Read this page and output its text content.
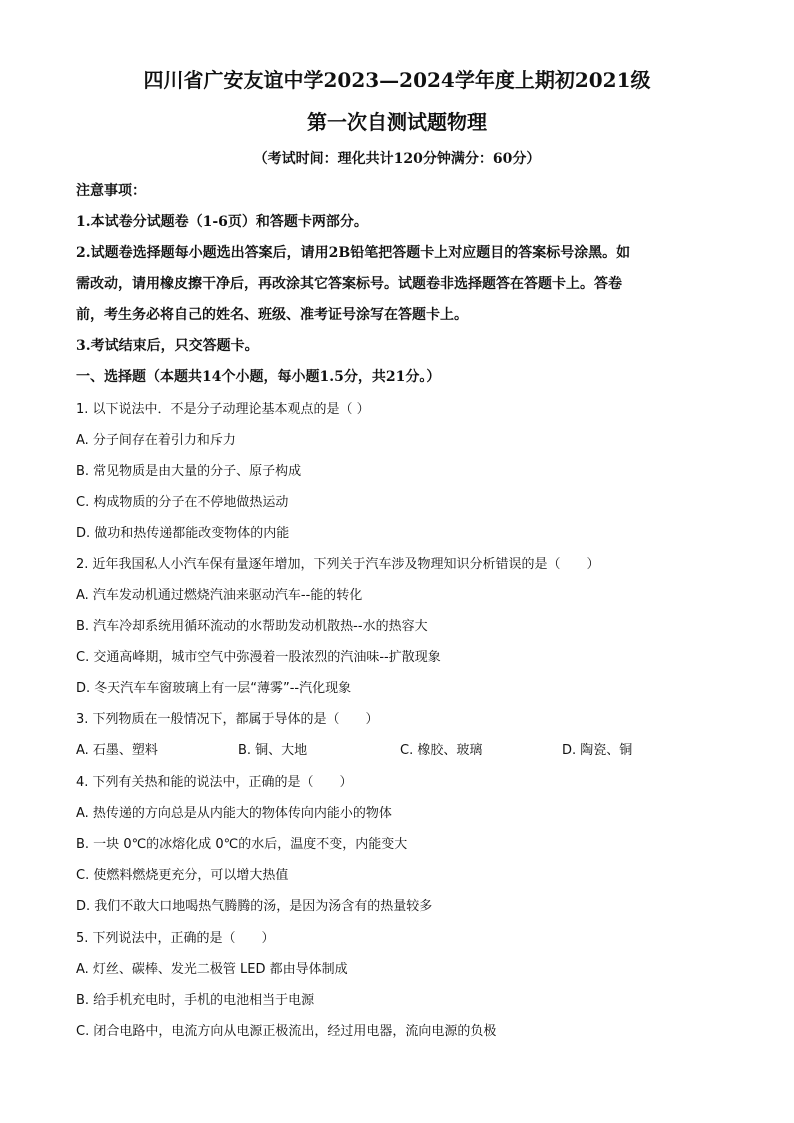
四川省广安友谊中学2023—2024学年度上期初2021级
第一次自测试题物理
（考试时间：理化共计120分钟满分：60分）
注意事项：
1.本试卷分试题卷（1-6页）和答题卡两部分。
2.试题卷选择题每小题选出答案后，请用2B铅笔把答题卡上对应题目的答案标号涂黑。如
需改动，请用橡皮擦干净后，再改涂其它答案标号。试题卷非选择题答在答题卡上。答卷
前，考生务必将自己的姓名、班级、准考证号涂写在答题卡上。
3.考试结束后，只交答题卡。
一、选择题（本题共14个小题，每小题1.5分，共21分。）
1. 以下说法中．不是分子动理论基本观点的是（ ）
A. 分子间存在着引力和斥力
B. 常见物质是由大量的分子、原子构成
C. 构成物质的分子在不停地做热运动
D. 做功和热传递都能改变物体的内能
2. 近年我国私人小汽车保有量逐年增加，下列关于汽车涉及物理知识分析错误的是（　　）
A. 汽车发动机通过燃烧汽油来驱动汽车--能的转化
B. 汽车冷却系统用循环流动的水帮助发动机散热--水的热容大
C. 交通高峰期，城市空气中弥漫着一股浓烈的汽油味--扩散现象
D. 冬天汽车车窗玻璃上有一层“薄雾”--汽化现象
3. 下列物质在一般情况下，都属于导体的是（　　）
A. 石墨、塑料	B. 铜、大地	C. 橡胶、玻璃	D. 陶瓷、铜
4. 下列有关热和能的说法中，正确的是（　　）
A. 热传递的方向总是从内能大的物体传向内能小的物体
B. 一块 0℃的冰熔化成 0℃的水后，温度不变，内能变大
C. 使燃料燃烧更充分，可以增大热值
D. 我们不敢大口地喝热气腾腾的汤，是因为汤含有的热量较多
5. 下列说法中，正确的是（　　）
A. 灯丝、碳棒、发光二极管 LED 都由导体制成
B. 给手机充电时，手机的电池相当于电源
C. 闭合电路中，电流方向从电源正极流出，经过用电器，流向电源的负极
